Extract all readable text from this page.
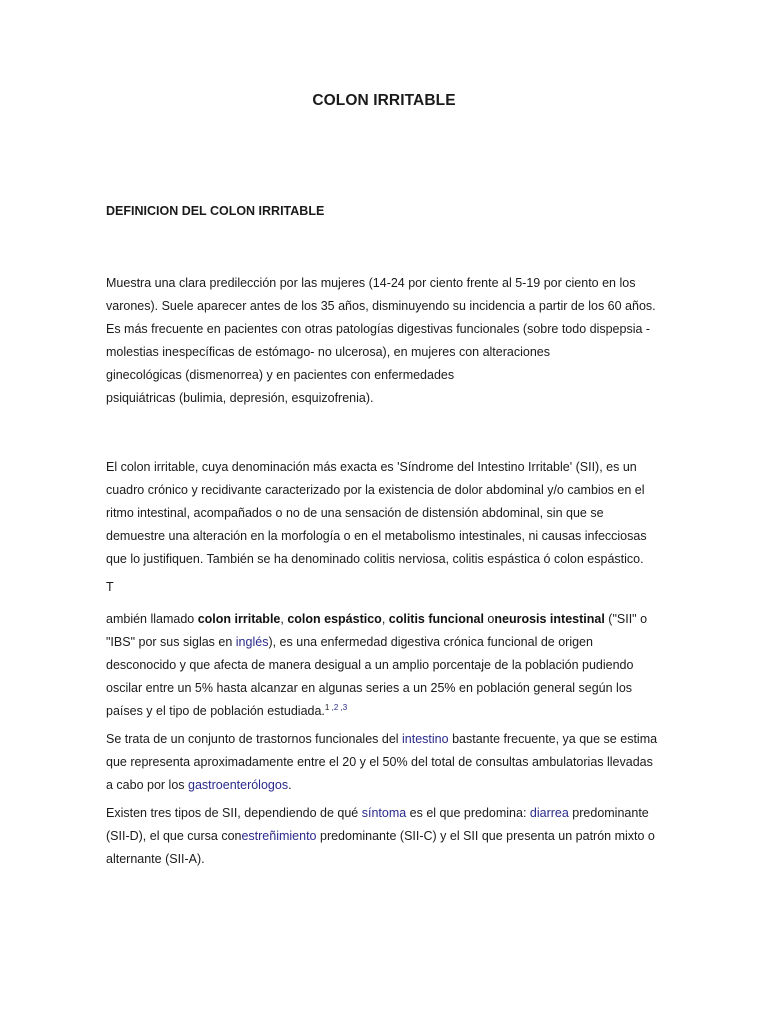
COLON IRRITABLE
DEFINICION DEL COLON IRRITABLE
Muestra una clara predilección por las mujeres (14-24 por ciento frente al 5-19 por ciento en los
varones). Suele aparecer antes de los 35 años, disminuyendo su incidencia a partir de los 60 años.
Es más frecuente en pacientes con otras patologías digestivas funcionales (sobre todo dispepsia -
molestias inespecíficas de estómago- no ulcerosa), en mujeres con alteraciones
ginecológicas (dismenorrea) y en pacientes con enfermedades
psiquiátricas (bulimia, depresión, esquizofrenia).
El colon irritable, cuya denominación más exacta es 'Síndrome del Intestino Irritable' (SII), es un
cuadro crónico y recidivante caracterizado por la existencia de dolor abdominal y/o cambios en el
ritmo intestinal, acompañados o no de una sensación de distensión abdominal, sin que se
demuestre una alteración en la morfología o en el metabolismo intestinales, ni causas infecciosas
que lo justifiquen. También se ha denominado colitis nerviosa, colitis espástica ó colon espástico.
T
ambién llamado colon irritable, colon espástico, colitis funcional oneurosis intestinal ("SII" o
"IBS" por sus siglas en inglés), es una enfermedad digestiva crónica funcional de origen
desconocido y que afecta de manera desigual a un amplio porcentaje de la población pudiendo
oscilar entre un 5% hasta alcanzar en algunas series a un 25% en población general según los
países y el tipo de población estudiada.$^1$ $^{,2}$ $^{,3}$
Se trata de un conjunto de trastornos funcionales del intestino bastante frecuente, ya que se estima
que representa aproximadamente entre el 20 y el 50% del total de consultas ambulatorias llevadas
a cabo por los gastroenterólogos.
Existen tres tipos de SII, dependiendo de qué síntoma es el que predomina: diarrea predominante
(SII-D), el que cursa conestreñimiento predominante (SII-C) y el SII que presenta un patrón mixto o
alternante (SII-A).
